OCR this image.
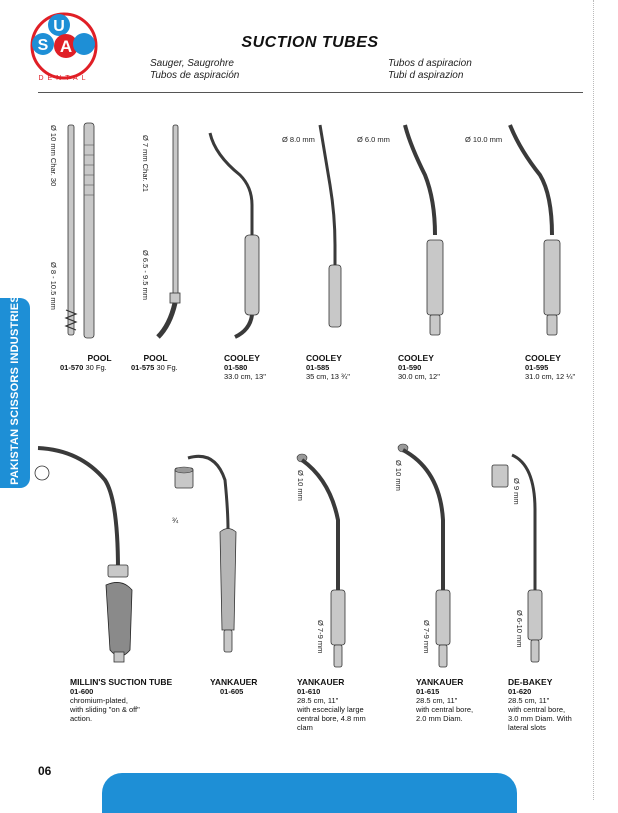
U
S A
DENTAL
SUCTION TUBES
Sauger, Saugrohre
Tubos de aspiración
Tubos d aspiracion
Tubi d aspirazion
PAKISTAN SCISSORS INDUSTRIES
Ø 10 mm Char. 30
Ø 8 - 10.5 mm
Ø 7 mm Char. 21
Ø 6.5 - 9.5 mm
Ø 8.0 mm	Ø 6.0 mm	Ø 10.0 mm
POOL
01-570 30 Fg.
POOL
01-575 30 Fg.
COOLEY
01-580
33.0 cm, 13"
COOLEY
01-585
35 cm, 13 ¾"
COOLEY
01-590
30.0 cm, 12"
COOLEY
01-595
31.0 cm, 12 ¼"
¾
Ø 10 mm
Ø 7-9 mm
Ø 10 mm
Ø 7-9 mm
Ø 9 mm
Ø 6-10 mm
MILLIN'S SUCTION TUBE
01-600
chromium-plated,
with sliding "on & off"
action.
YANKAUER
01-605
YANKAUER
01-610
28.5 cm, 11"
with escecially large
central bore, 4.8 mm
clam
YANKAUER
01-615
28.5 cm, 11"
with central bore,
2.0 mm Diam.
DE-BAKEY
01-620
28.5 cm, 11"
with central bore,
3.0 mm Diam. With
lateral slots
06
